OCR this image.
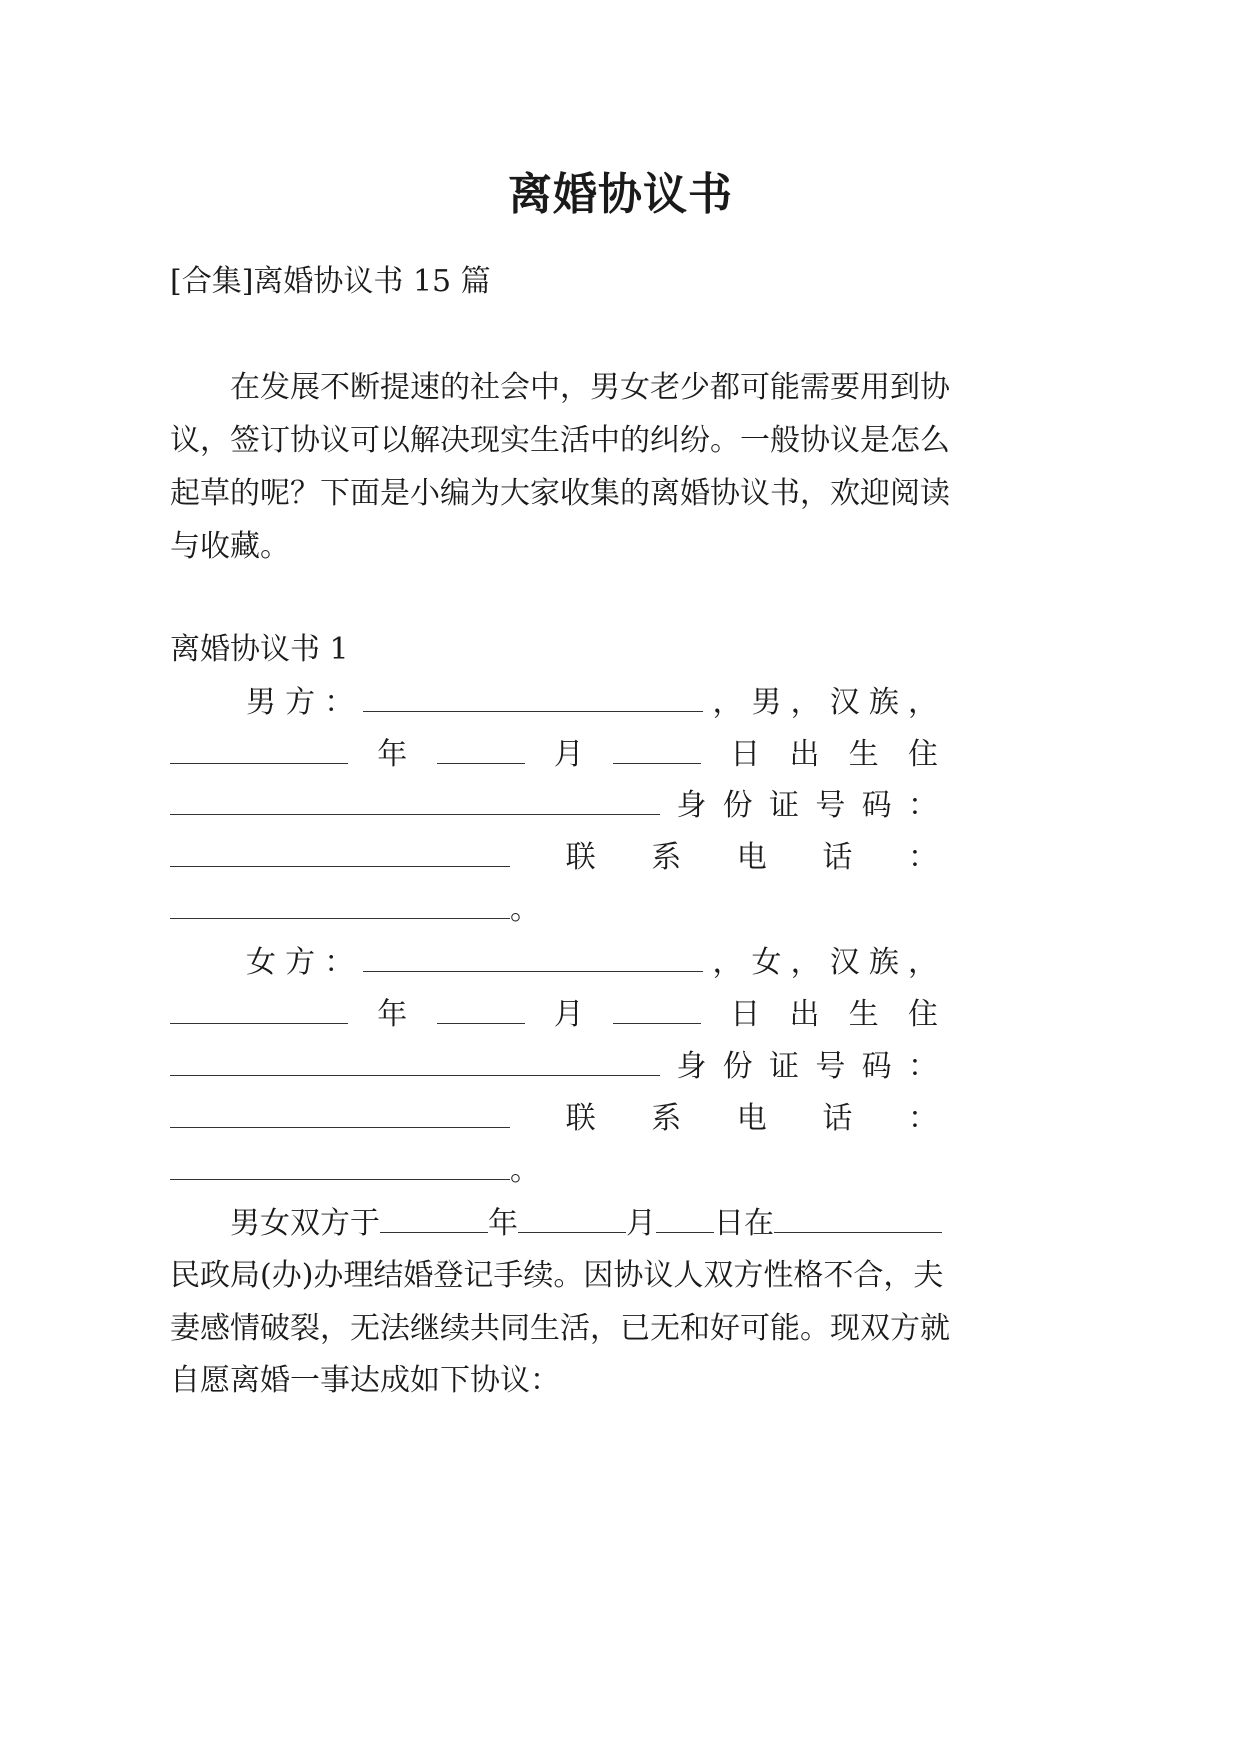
离婚协议书
[合集]离婚协议书 15 篇
在发展不断提速的社会中，男女老少都可能需要用到协
议，签订协议可以解决现实生活中的纠纷。一般协议是怎么
起草的呢？下面是小编为大家收集的离婚协议书，欢迎阅读
与收藏。
离婚协议书 1
男 方 ：	， 男 ， 汉 族 ，
年	月	日 出 生 住
身 份 证 号 码 ：
联 系 电 话 ：
。
女 方 ：	， 女 ， 汉 族 ，
年	月	日 出 生 住
身 份 证 号 码 ：
联 系 电 话 ：
。
男女双方于	年	月 日在
民政局(办)办理结婚登记手续。因协议人双方性格不合，夫
妻感情破裂，无法继续共同生活，已无和好可能。现双方就
自愿离婚一事达成如下协议：
